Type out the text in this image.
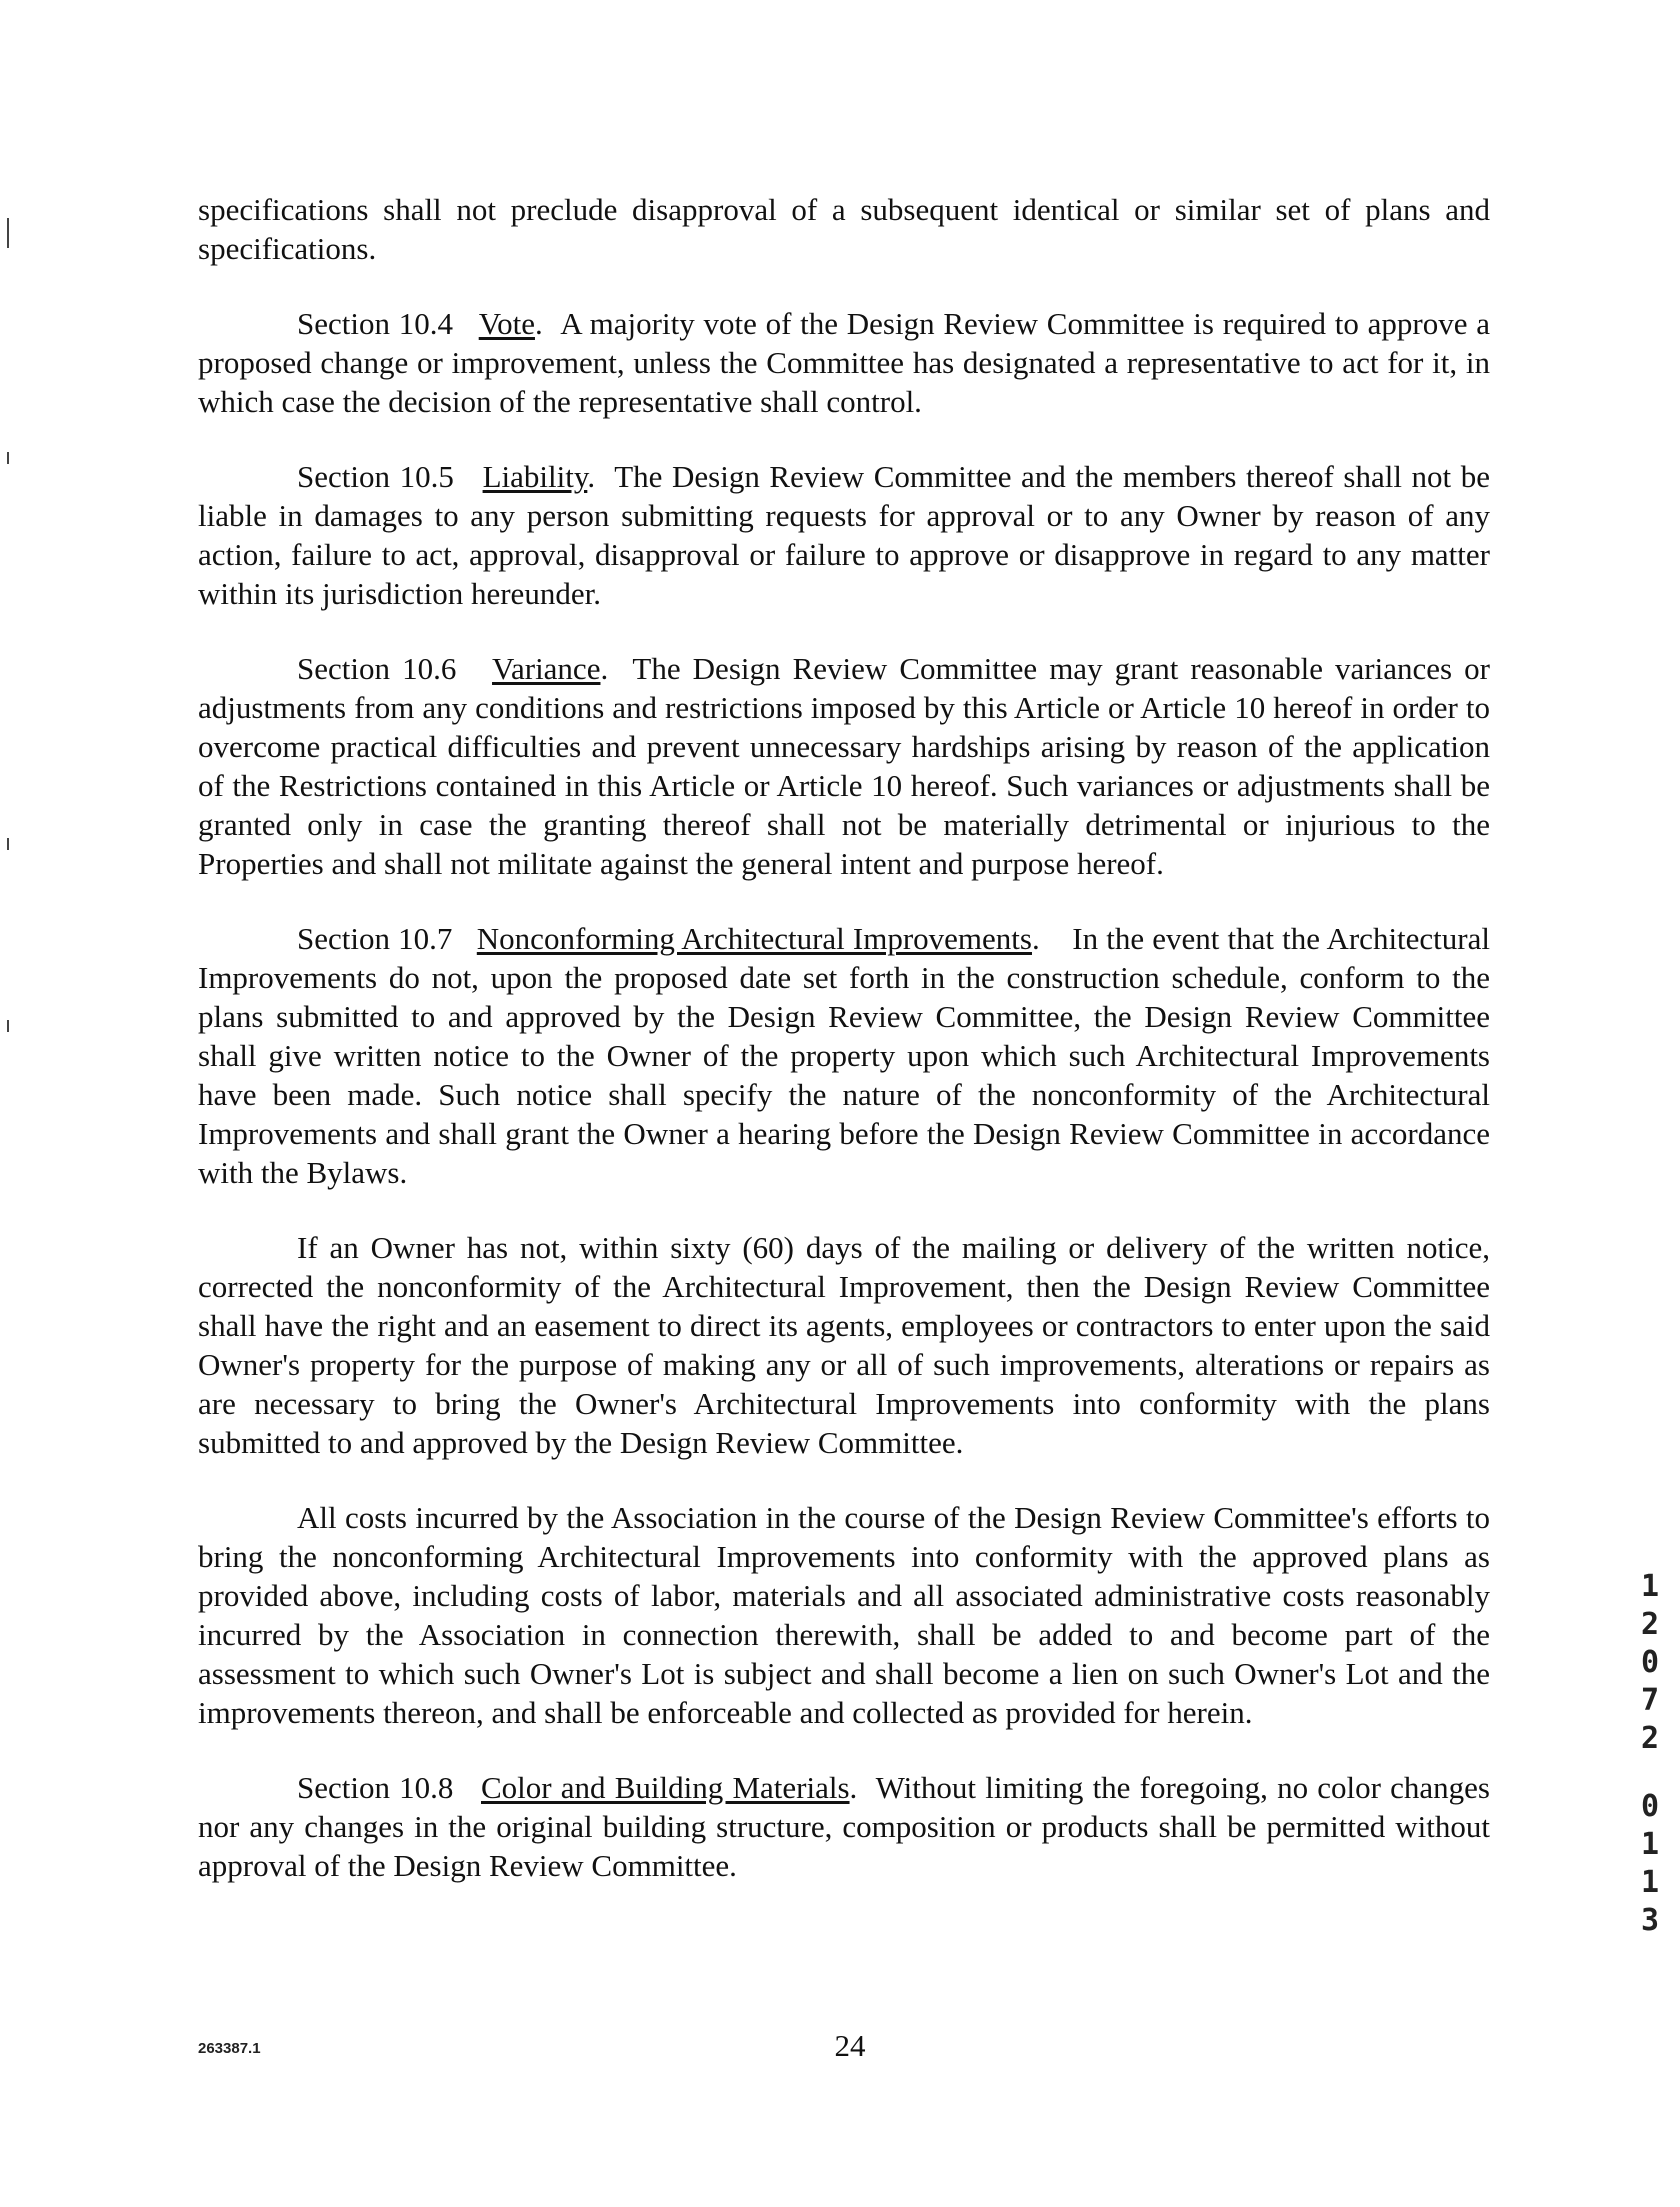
specifications shall not preclude disapproval of a subsequent identical or similar set of plans and specifications.

Section 10.4 Vote.  A majority vote of the Design Review Committee is required to approve a proposed change or improvement, unless the Committee has designated a representative to act for it, in which case the decision of the representative shall control.

Section 10.5 Liability.  The Design Review Committee and the members thereof shall not be liable in damages to any person submitting requests for approval or to any Owner by reason of any action, failure to act, approval, disapproval or failure to approve or disapprove in regard to any matter within its jurisdiction hereunder.

Section 10.6 Variance.  The Design Review Committee may grant reasonable variances or adjustments from any conditions and restrictions imposed by this Article or Article 10 hereof in order to overcome practical difficulties and prevent unnecessary hardships arising by reason of the application of the Restrictions contained in this Article or Article 10 hereof. Such variances or adjustments shall be granted only in case the granting thereof shall not be materially detrimental or injurious to the Properties and shall not militate against the general intent and purpose hereof.

Section 10.7 Nonconforming Architectural Improvements.    In the event that the Architectural Improvements do not, upon the proposed date set forth in the construction schedule, conform to the plans submitted to and approved by the Design Review Committee, the Design Review Committee shall give written notice to the Owner of the property upon which such Architectural Improvements have been made. Such notice shall specify the nature of the nonconformity of the Architectural Improvements and shall grant the Owner a hearing before the Design Review Committee in accordance with the Bylaws.

If an Owner has not, within sixty (60) days of the mailing or delivery of the written notice, corrected the nonconformity of the Architectural Improvement, then the Design Review Committee shall have the right and an easement to direct its agents, employees or contractors to enter upon the said Owner's property for the purpose of making any or all of such improvements, alterations or repairs as are necessary to bring the Owner's Architectural Improvements into conformity with the plans submitted to and approved by the Design Review Committee.

All costs incurred by the Association in the course of the Design Review Committee's efforts to bring the nonconforming Architectural Improvements into conformity with the approved plans as provided above, including costs of labor, materials and all associated administrative costs reasonably incurred by the Association in connection therewith, shall be added to and become part of the assessment to which such Owner's Lot is subject and shall become a lien on such Owner's Lot and the improvements thereon, and shall be enforceable and collected as provided for herein.

Section 10.8 Color and Building Materials.  Without limiting the foregoing, no color changes nor any changes in the original building structure, composition or products shall be permitted without approval of the Design Review Committee.

1
2
0
7
2
0
1
1
3
263387.1	24
